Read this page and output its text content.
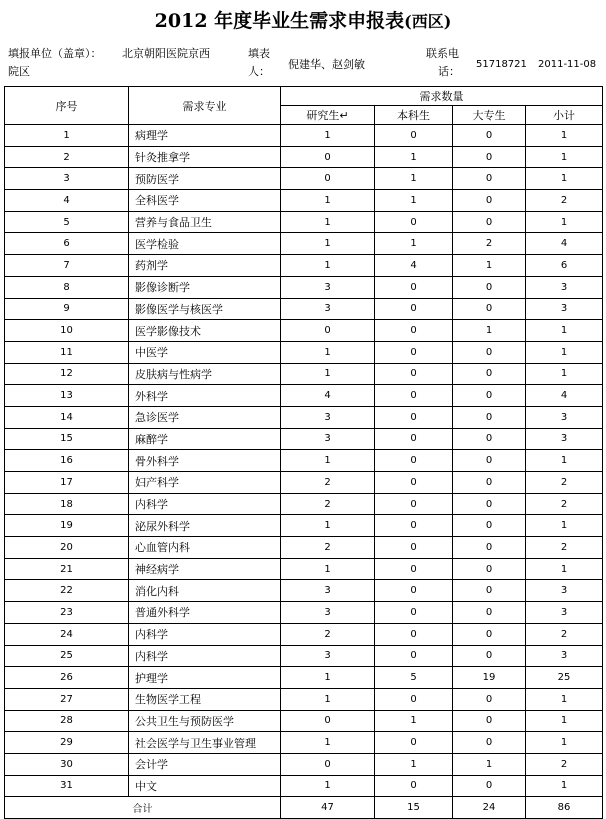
2012 年度毕业生需求申报表(西区)
填报单位（盖章）： 北京朝阳医院京西
院区
填表
人：
倪建华、赵剑敏
联系电
话：
51718721 2011-11-08
序号	需求专业	需求数量			
		研究生↵	本科生	大专生	小计
1	病理学	1	0	0	1
2	针灸推拿学	0	1	0	1
3	预防医学	0	1	0	1
4	全科医学	1	1	0	2
5	营养与食品卫生	1	0	0	1
6	医学检验	1	1	2	4
7	药剂学	1	4	1	6
8	影像诊断学	3	0	0	3
9	影像医学与核医学	3	0	0	3
10	医学影像技术	0	0	1	1
11	中医学	1	0	0	1
12	皮肤病与性病学	1	0	0	1
13	外科学	4	0	0	4
14	急诊医学	3	0	0	3
15	麻醉学	3	0	0	3
16	骨外科学	1	0	0	1
17	妇产科学	2	0	0	2
18	内科学	2	0	0	2
19	泌尿外科学	1	0	0	1
20	心血管内科	2	0	0	2
21	神经病学	1	0	0	1
22	消化内科	3	0	0	3
23	普通外科学	3	0	0	3
24	内科学	2	0	0	2
25	内科学	3	0	0	3
26	护理学	1	5	19	25
27	生物医学工程	1	0	0	1
28	公共卫生与预防医学	0	1	0	1
29	社会医学与卫生事业管理	1	0	0	1
30	会计学	0	1	1	2
31	中文	1	0	0	1
合计		47	15	24	86
